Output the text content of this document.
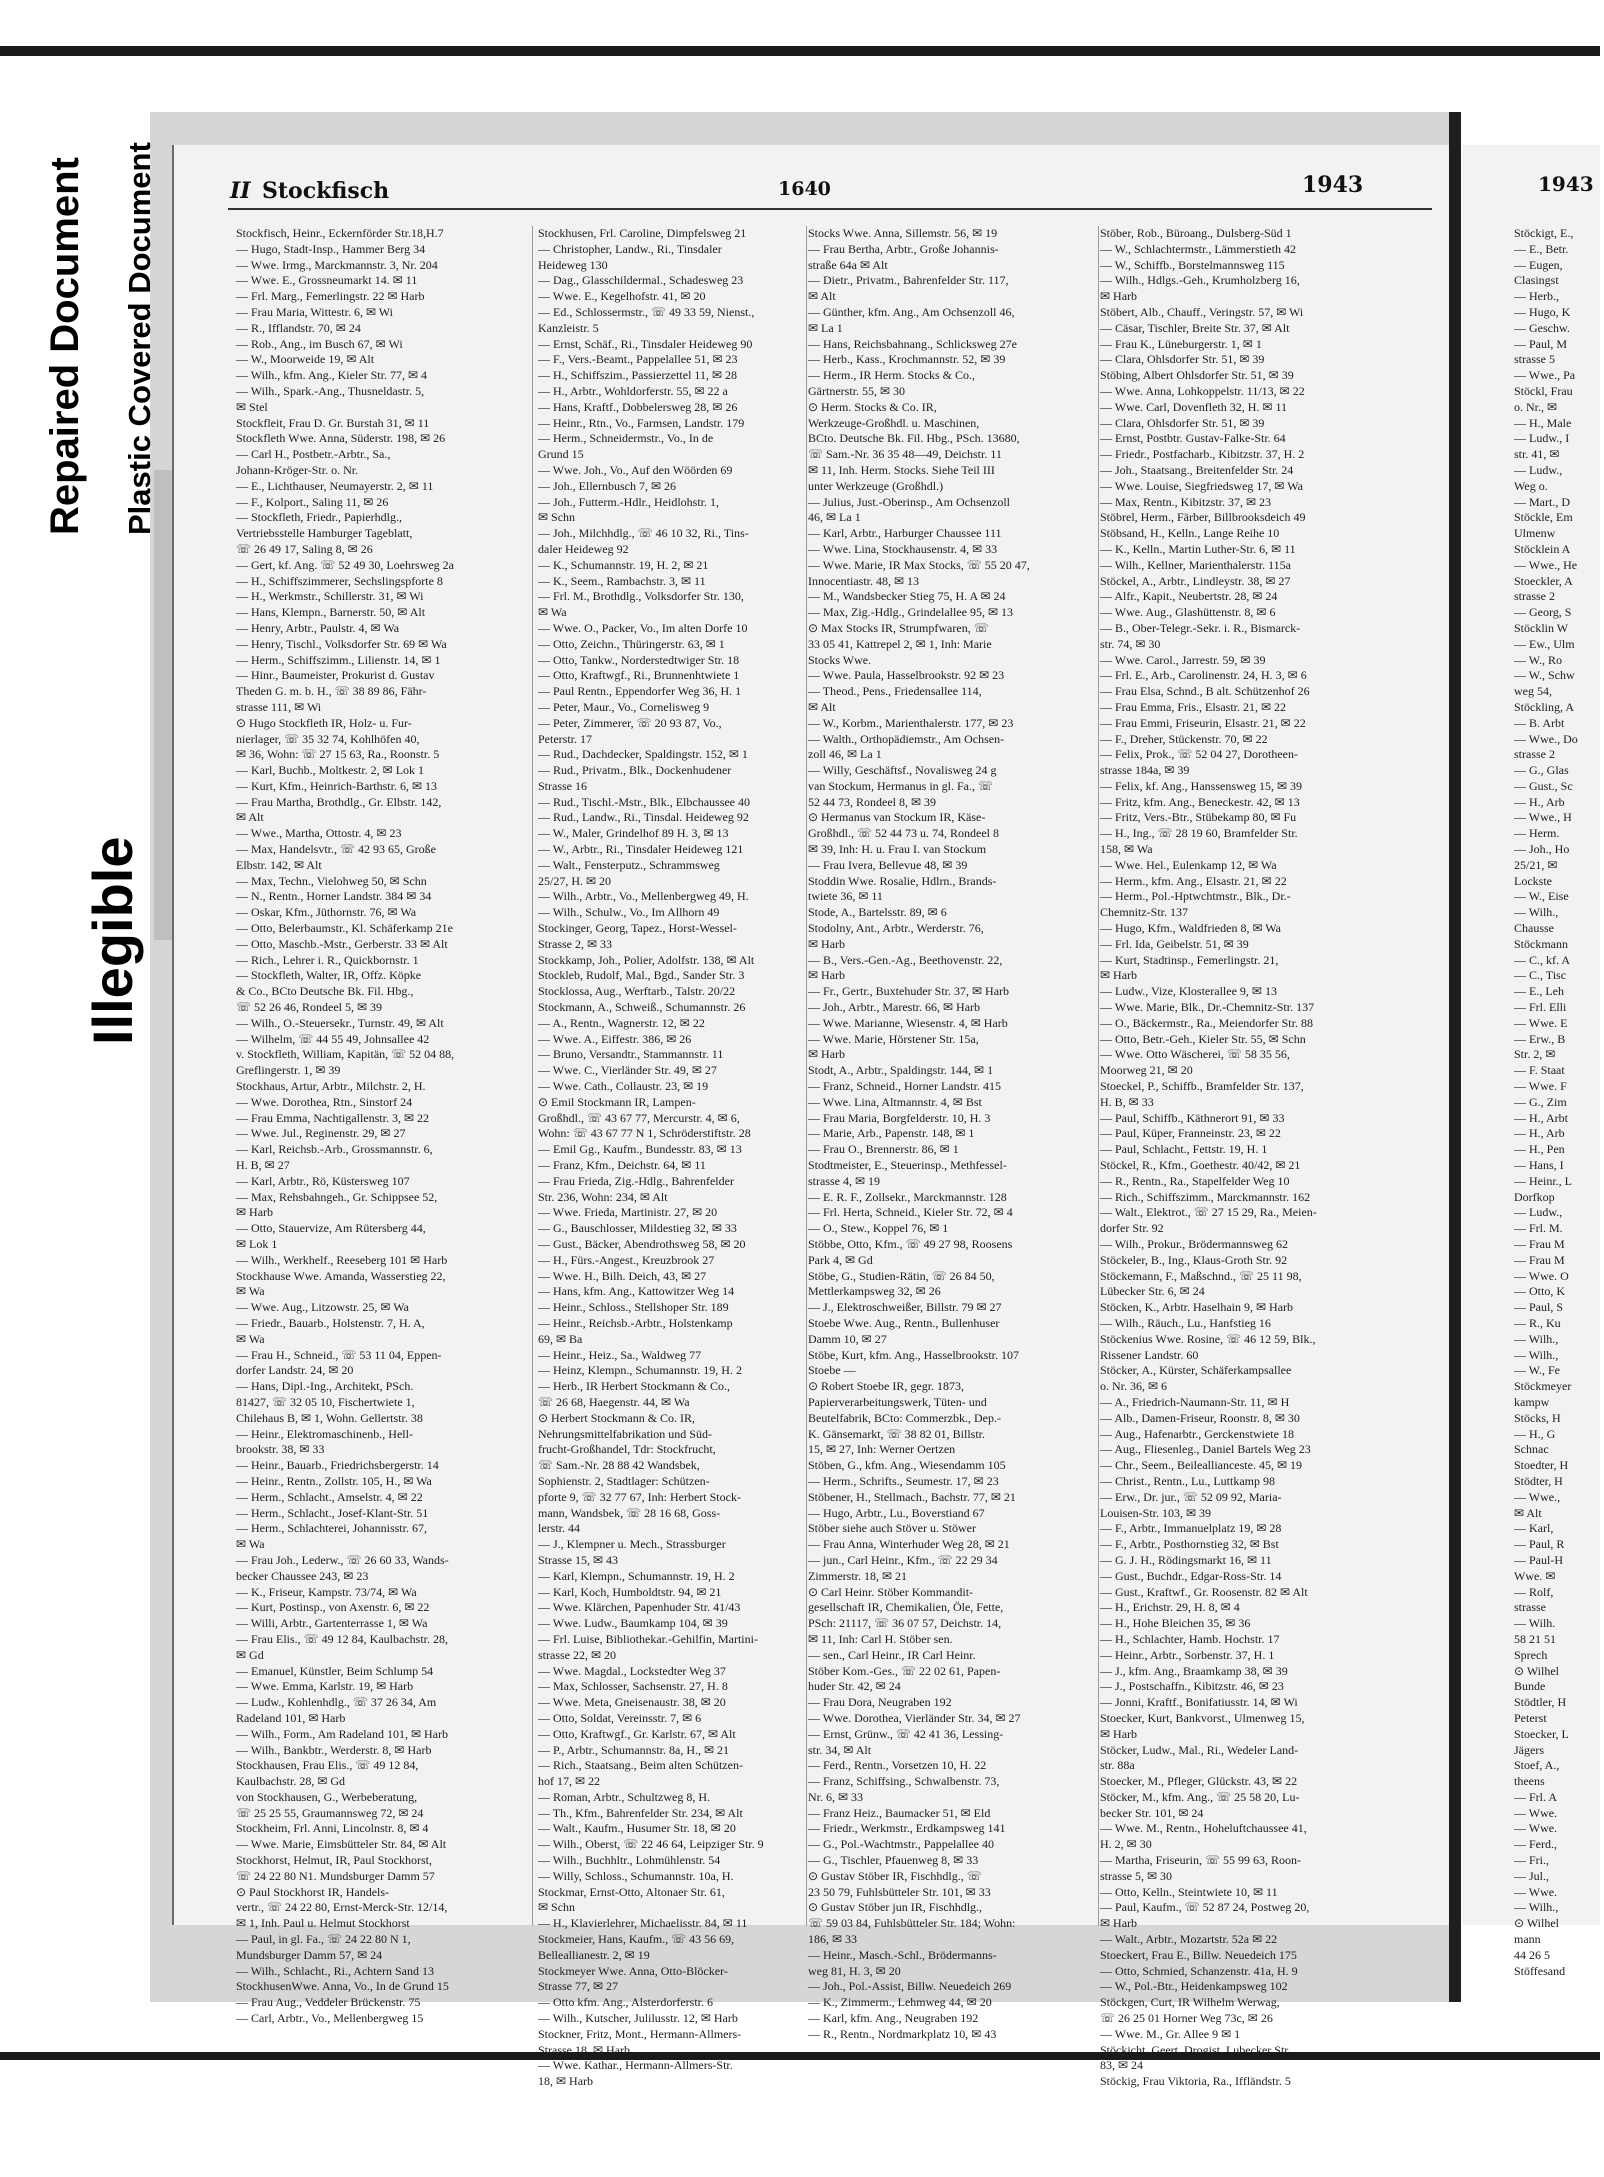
II Stockfisch	1640	1943	1943
Stockfisch, Heinr., Eckernförder Str.18,H.7
— Hugo, Stadt-Insp., Hammer Berg 34
— Wwe. Irmg., Marckmannstr. 3, Nr. 204
— Wwe. E., Grossneumarkt 14. ✉ 11
— Frl. Marg., Femerlingstr. 22 ✉ Harb
— Frau Maria, Wittestr. 6, ✉ Wi
— R., Ifflandstr. 70, ✉ 24
— Rob., Ang., im Busch 67, ✉ Wi
— W., Moorweide 19, ✉ Alt
— Wilh., kfm. Ang., Kieler Str. 77, ✉ 4
— Wilh., Spark.-Ang., Thusneldastr. 5,
✉ Stel
Stockfleit, Frau D. Gr. Burstah 31, ✉ 11
Stockfleth Wwe. Anna, Süderstr. 198, ✉ 26
— Carl H., Postbetr.-Arbtr., Sa.,
Johann-Kröger-Str. o. Nr.
— E., Lichthauser, Neumayerstr. 2, ✉ 11
— F., Kolport., Saling 11, ✉ 26
— Stockfleth, Friedr., Papierhdlg.,
Vertriebsstelle Hamburger Tageblatt,
☏ 26 49 17, Saling 8, ✉ 26
— Gert, kf. Ang. ☏ 52 49 30, Loehrsweg 2a
— H., Schiffszimmerer, Sechslingspforte 8
— H., Werkmstr., Schillerstr. 31, ✉ Wi
— Hans, Klempn., Barnerstr. 50, ✉ Alt
— Henry, Arbtr., Paulstr. 4, ✉ Wa
— Henry, Tischl., Volksdorfer Str. 69 ✉ Wa
— Herm., Schiffszimm., Lilienstr. 14, ✉ 1
— Hinr., Baumeister, Prokurist d. Gustav
Theden G. m. b. H., ☏ 38 89 86, Fähr-
strasse 111, ✉ Wi
⊙ Hugo Stockfleth IR, Holz- u. Fur-
nierlager, ☏ 35 32 74, Kohlhöfen 40,
✉ 36, Wohn: ☏ 27 15 63, Ra., Roonstr. 5
— Karl, Buchb., Moltkestr. 2, ✉ Lok 1
— Kurt, Kfm., Heinrich-Barthstr. 6, ✉ 13
— Frau Martha, Brothdlg., Gr. Elbstr. 142,
✉ Alt
— Wwe., Martha, Ottostr. 4, ✉ 23
— Max, Handelsvtr., ☏ 42 93 65, Große
Elbstr. 142, ✉ Alt
— Max, Techn., Vielohweg 50, ✉ Schn
— N., Rentn., Horner Landstr. 384 ✉ 34
— Oskar, Kfm., Jüthornstr. 76, ✉ Wa
— Otto, Belerbaumstr., Kl. Schäferkamp 21e
— Otto, Maschb.-Mstr., Gerberstr. 33 ✉ Alt
— Rich., Lehrer i. R., Quickbornstr. 1
— Stockfleth, Walter, IR, Offz. Köpke
& Co., BCto Deutsche Bk. Fil. Hbg.,
☏ 52 26 46, Rondeel 5, ✉ 39
— Wilh., O.-Steuersekr., Turnstr. 49, ✉ Alt
— Wilhelm, ☏ 44 55 49, Johnsallee 42
v. Stockfleth, William, Kapitän, ☏ 52 04 88,
Greflingerstr. 1, ✉ 39
Stockhaus, Artur, Arbtr., Milchstr. 2, H.
— Wwe. Dorothea, Rtn., Sinstorf 24
— Frau Emma, Nachtigallenstr. 3, ✉ 22
— Wwe. Jul., Reginenstr. 29, ✉ 27
— Karl, Reichsb.-Arb., Grossmannstr. 6,
H. B, ✉ 27
— Karl, Arbtr., Rö, Küstersweg 107
— Max, Rehsbahngeh., Gr. Schippsee 52,
✉ Harb
— Otto, Stauervize, Am Rütersberg 44,
✉ Lok 1
— Wilh., Werkhelf., Reeseberg 101 ✉ Harb
Stockhause Wwe. Amanda, Wasserstieg 22,
✉ Wa
— Wwe. Aug., Litzowstr. 25, ✉ Wa
— Friedr., Bauarb., Holstenstr. 7, H. A,
✉ Wa
— Frau H., Schneid., ☏ 53 11 04, Eppen-
dorfer Landstr. 24, ✉ 20
— Hans, Dipl.-Ing., Architekt, PSch.
81427, ☏ 32 05 10, Fischertwiete 1,
Chilehaus B, ✉ 1, Wohn. Gellertstr. 38
— Heinr., Elektromaschinenb., Hell-
brookstr. 38, ✉ 33
— Heinr., Bauarb., Friedrichsbergerstr. 14
— Heinr., Rentn., Zollstr. 105, H., ✉ Wa
— Herm., Schlacht., Amselstr. 4, ✉ 22
— Herm., Schlacht., Josef-Klant-Str. 51
— Herm., Schlachterei, Johannisstr. 67,
✉ Wa
— Frau Joh., Lederw., ☏ 26 60 33, Wands-
becker Chaussee 243, ✉ 23
— K., Friseur, Kampstr. 73/74, ✉ Wa
— Kurt, Postinsp., von Axenstr. 6, ✉ 22
— Willi, Arbtr., Gartenterrasse 1, ✉ Wa
— Frau Elis., ☏ 49 12 84, Kaulbachstr. 28,
✉ Gd
— Emanuel, Künstler, Beim Schlump 54
— Wwe. Emma, Karlstr. 19, ✉ Harb
— Ludw., Kohlenhdlg., ☏ 37 26 34, Am
Radeland 101, ✉ Harb
— Wilh., Form., Am Radeland 101, ✉ Harb
— Wilh., Bankbtr., Werderstr. 8, ✉ Harb
Stockhausen, Frau Elis., ☏ 49 12 84,
Kaulbachstr. 28, ✉ Gd
von Stockhausen, G., Werbeberatung,
☏ 25 25 55, Graumannsweg 72, ✉ 24
Stockheim, Frl. Anni, Lincolnstr. 8, ✉ 4
— Wwe. Marie, Eimsbütteler Str. 84, ✉ Alt
Stockhorst, Helmut, IR, Paul Stockhorst,
☏ 24 22 80 N1. Mundsburger Damm 57
⊙ Paul Stockhorst IR, Handels-
vertr., ☏ 24 22 80, Ernst-Merck-Str. 12/14,
✉ 1, Inh. Paul u. Helmut Stockhorst
— Paul, in gl. Fa., ☏ 24 22 80 N 1,
Mundsburger Damm 57, ✉ 24
— Wilh., Schlacht., Ri., Achtern Sand 13
StockhusenWwe. Anna, Vo., In de Grund 15
— Frau Aug., Veddeler Brückenstr. 75
— Carl, Arbtr., Vo., Mellenbergweg 15
Stockhusen, Frl. Caroline, Dimpfelsweg 21
— Christopher, Landw., Ri., Tinsdaler
Heideweg 130
— Dag., Glasschildermal., Schadesweg 23
— Wwe. E., Kegelhofstr. 41, ✉ 20
— Ed., Schlossermstr., ☏ 49 33 59, Nienst.,
Kanzleistr. 5
— Ernst, Schäf., Ri., Tinsdaler Heideweg 90
— F., Vers.-Beamt., Pappelallee 51, ✉ 23
— H., Schiffszim., Passierzettel 11, ✉ 28
— H., Arbtr., Wohldorferstr. 55, ✉ 22 a
— Hans, Kraftf., Dobbelersweg 28, ✉ 26
— Heinr., Rtn., Vo., Farmsen, Landstr. 179
— Herm., Schneidermstr., Vo., In de
Grund 15
— Wwe. Joh., Vo., Auf den Wöörden 69
— Joh., Ellernbusch 7, ✉ 26
— Joh., Futterm.-Hdlr., Heidlohstr. 1,
✉ Schn
— Joh., Milchhdlg., ☏ 46 10 32, Ri., Tins-
daler Heideweg 92
— K., Schumannstr. 19, H. 2, ✉ 21
— K., Seem., Rambachstr. 3, ✉ 11
— Frl. M., Brothdlg., Volksdorfer Str. 130,
✉ Wa
— Wwe. O., Packer, Vo., Im alten Dorfe 10
— Otto, Zeichn., Thüringerstr. 63, ✉ 1
— Otto, Tankw., Norderstedtwiger Str. 18
— Otto, Kraftwgf., Ri., Brunnenhtwiete 1
— Paul Rentn., Eppendorfer Weg 36, H. 1
— Peter, Maur., Vo., Cornelisweg 9
— Peter, Zimmerer, ☏ 20 93 87, Vo.,
Peterstr. 17
— Rud., Dachdecker, Spaldingstr. 152, ✉ 1
— Rud., Privatm., Blk., Dockenhudener
Strasse 16
— Rud., Tischl.-Mstr., Blk., Elbchaussee 40
— Rud., Landw., Ri., Tinsdal. Heideweg 92
— W., Maler, Grindelhof 89 H. 3, ✉ 13
— W., Arbtr., Ri., Tinsdaler Heideweg 121
— Walt., Fensterputz., Schrammsweg
25/27, H. ✉ 20
— Wilh., Arbtr., Vo., Mellenbergweg 49, H.
— Wilh., Schulw., Vo., Im Allhorn 49
Stockinger, Georg, Tapez., Horst-Wessel-
Strasse 2, ✉ 33
Stockkamp, Joh., Polier, Adolfstr. 138, ✉ Alt
Stockleb, Rudolf, Mal., Bgd., Sander Str. 3
Stocklossa, Aug., Werftarb., Talstr. 20/22
Stockmann, A., Schweiß., Schumannstr. 26
— A., Rentn., Wagnerstr. 12, ✉ 22
— Wwe. A., Eiffestr. 386, ✉ 26
— Bruno, Versandtr., Stammannstr. 11
— Wwe. C., Vierländer Str. 49, ✉ 27
— Wwe. Cath., Collaustr. 23, ✉ 19
⊙ Emil Stockmann IR, Lampen-
Großhdl., ☏ 43 67 77, Mercurstr. 4, ✉ 6,
Wohn: ☏ 43 67 77 N 1, Schröderstiftstr. 28
— Emil Gg., Kaufm., Bundesstr. 83, ✉ 13
— Franz, Kfm., Deichstr. 64, ✉ 11
— Frau Frieda, Zig.-Hdlg., Bahrenfelder
Str. 236, Wohn: 234, ✉ Alt
— Wwe. Frieda, Martinistr. 27, ✉ 20
— G., Bauschlosser, Mildestieg 32, ✉ 33
— Gust., Bäcker, Abendrothsweg 58, ✉ 20
— H., Fürs.-Angest., Kreuzbrook 27
— Wwe. H., Bilh. Deich, 43, ✉ 27
— Hans, kfm. Ang., Kattowitzer Weg 14
— Heinr., Schloss., Stellshoper Str. 189
— Heinr., Reichsb.-Arbtr., Holstenkamp
69, ✉ Ba
— Heinr., Heiz., Sa., Waldweg 77
— Heinz, Klempn., Schumannstr. 19, H. 2
— Herb., IR Herbert Stockmann & Co.,
☏ 26 68, Haegenstr. 44, ✉ Wa
⊙ Herbert Stockmann & Co. IR,
Nehrungsmittelfabrikation und Süd-
frucht-Großhandel, Tdr: Stockfrucht,
☏ Sam.-Nr. 28 88 42 Wandsbek,
Sophienstr. 2, Stadtlager: Schützen-
pforte 9, ☏ 32 77 67, Inh: Herbert Stock-
mann, Wandsbek, ☏ 28 16 68, Goss-
lerstr. 44
— J., Klempner u. Mech., Strassburger
Strasse 15, ✉ 43
— Karl, Klempn., Schumannstr. 19, H. 2
— Karl, Koch, Humboldtstr. 94, ✉ 21
— Wwe. Klärchen, Papenhuder Str. 41/43
— Wwe. Ludw., Baumkamp 104, ✉ 39
— Frl. Luise, Bibliothekar.-Gehilfin, Martini-
strasse 22, ✉ 20
— Wwe. Magdal., Lockstedter Weg 37
— Max, Schlosser, Sachsenstr. 27, H. 8
— Wwe. Meta, Gneisenaustr. 38, ✉ 20
— Otto, Soldat, Vereinsstr. 7, ✉ 6
— Otto, Kraftwgf., Gr. Karlstr. 67, ✉ Alt
— P., Arbtr., Schumannstr. 8a, H., ✉ 21
— Rich., Staatsang., Beim alten Schützen-
hof 17, ✉ 22
— Roman, Arbtr., Schultzweg 8, H.
— Th., Kfm., Bahrenfelder Str. 234, ✉ Alt
— Walt., Kaufm., Husumer Str. 18, ✉ 20
— Wilh., Oberst, ☏ 22 46 64, Leipziger Str. 9
— Wilh., Buchhltr., Lohmühlenstr. 54
— Willy, Schloss., Schumannstr. 10a, H.
Stockmar, Ernst-Otto, Altonaer Str. 61,
✉ Schn
— H., Klavierlehrer, Michaelisstr. 84, ✉ 11
Stockmeier, Hans, Kaufm., ☏ 43 56 69,
Belleallianestr. 2, ✉ 19
Stockmeyer Wwe. Anna, Otto-Blöcker-
Strasse 77, ✉ 27
— Otto kfm. Ang., Alsterdorferstr. 6
— Wilh., Kutscher, Julilusstr. 12, ✉ Harb
Stockner, Fritz, Mont., Hermann-Allmers-
Strasse 18, ✉ Harb
— Wwe. Kathar., Hermann-Allmers-Str.
18, ✉ Harb
Stocks Wwe. Anna, Sillemstr. 56, ✉ 19
— Frau Bertha, Arbtr., Große Johannis-
straße 64a ✉ Alt
— Dietr., Privatm., Bahrenfelder Str. 117,
✉ Alt
— Günther, kfm. Ang., Am Ochsenzoll 46,
✉ La 1
— Hans, Reichsbahnang., Schlicksweg 27e
— Herb., Kass., Krochmannstr. 52, ✉ 39
— Herm., IR Herm. Stocks & Co.,
Gärtnerstr. 55, ✉ 30
⊙ Herm. Stocks & Co. IR,
Werkzeuge-Großhdl. u. Maschinen,
BCto. Deutsche Bk. Fil. Hbg., PSch. 13680,
☏ Sam.-Nr. 36 35 48—49, Deichstr. 11
✉ 11, Inh. Herm. Stocks. Siehe Teil III
unter Werkzeuge (Großhdl.)
— Julius, Just.-Oberinsp., Am Ochsenzoll
46, ✉ La 1
— Karl, Arbtr., Harburger Chaussee 111
— Wwe. Lina, Stockhausenstr. 4, ✉ 33
— Wwe. Marie, IR Max Stocks, ☏ 55 20 47,
Innocentiastr. 48, ✉ 13
— M., Wandsbecker Stieg 75, H. A ✉ 24
— Max, Zig.-Hdlg., Grindelallee 95, ✉ 13
⊙ Max Stocks IR, Strumpfwaren, ☏
33 05 41, Kattrepel 2, ✉ 1, Inh: Marie
Stocks Wwe.
— Wwe. Paula, Hasselbrookstr. 92 ✉ 23
— Theod., Pens., Friedensallee 114,
✉ Alt
— W., Korbm., Marienthalerstr. 177, ✉ 23
— Walth., Orthopädiemstr., Am Ochsen-
zoll 46, ✉ La 1
— Willy, Geschäftsf., Novalisweg 24 g
van Stockum, Hermanus in gl. Fa., ☏
52 44 73, Rondeel 8, ✉ 39
⊙ Hermanus van Stockum IR, Käse-
Großhdl., ☏ 52 44 73 u. 74, Rondeel 8
✉ 39, Inh: H. u. Frau I. van Stockum
— Frau Ivera, Bellevue 48, ✉ 39
Stoddin Wwe. Rosalie, Hdlrn., Brands-
twiete 36, ✉ 11
Stode, A., Bartelsstr. 89, ✉ 6
Stodolny, Ant., Arbtr., Werderstr. 76,
✉ Harb
— B., Vers.-Gen.-Ag., Beethovenstr. 22,
✉ Harb
— Fr., Gertr., Buxtehuder Str. 37, ✉ Harb
— Joh., Arbtr., Marestr. 66, ✉ Harb
— Wwe. Marianne, Wiesenstr. 4, ✉ Harb
— Wwe. Marie, Hörstener Str. 15a,
✉ Harb
Stodt, A., Arbtr., Spaldingstr. 144, ✉ 1
— Franz, Schneid., Horner Landstr. 415
— Wwe. Lina, Altmannstr. 4, ✉ Bst
— Frau Maria, Borgfelderstr. 10, H. 3
— Marie, Arb., Papenstr. 148, ✉ 1
— Frau O., Brennerstr. 86, ✉ 1
Stodtmeister, E., Steuerinsp., Methfessel-
strasse 4, ✉ 19
— E. R. F., Zollsekr., Marckmannstr. 128
— Frl. Herta, Schneid., Kieler Str. 72, ✉ 4
— O., Stew., Koppel 76, ✉ 1
Stöbbe, Otto, Kfm., ☏ 49 27 98, Roosens
Park 4, ✉ Gd
Stöbe, G., Studien-Rätin, ☏ 26 84 50,
Mettlerkampsweg 32, ✉ 26
— J., Elektroschweißer, Billstr. 79 ✉ 27
Stoebe Wwe. Aug., Rentn., Bullenhuser
Damm 10, ✉ 27
Stöbe, Kurt, kfm. Ang., Hasselbrookstr. 107
Stoebe —
⊙ Robert Stoebe IR, gegr. 1873,
Papierverarbeitungswerk, Tüten- und
Beutelfabrik, BCto: Commerzbk., Dep.-
K. Gänsemarkt, ☏ 38 82 01, Billstr.
15, ✉ 27, Inh: Werner Oertzen
Stöben, G., kfm. Ang., Wiesendamm 105
— Herm., Schrifts., Seumestr. 17, ✉ 23
Stöbener, H., Stellmach., Bachstr. 77, ✉ 21
— Hugo, Arbtr., Lu., Boverstiand 67
Stöber siehe auch Stöver u. Stöwer
— Frau Anna, Winterhuder Weg 28, ✉ 21
— jun., Carl Heinr., Kfm., ☏ 22 29 34
Zimmerstr. 18, ✉ 21
⊙ Carl Heinr. Stöber Kommandit-
gesellschaft IR, Chemikalien, Öle, Fette,
PSch: 21117, ☏ 36 07 57, Deichstr. 14,
✉ 11, Inh: Carl H. Stöber sen.
— sen., Carl Heinr., IR Carl Heinr.
Stöber Kom.-Ges., ☏ 22 02 61, Papen-
huder Str. 42, ✉ 24
— Frau Dora, Neugraben 192
— Wwe. Dorothea, Vierländer Str. 34, ✉ 27
— Ernst, Grünw., ☏ 42 41 36, Lessing-
str. 34, ✉ Alt
— Ferd., Rentn., Vorsetzen 10, H. 22
— Franz, Schiffsing., Schwalbenstr. 73,
Nr. 6, ✉ 33
— Franz Heiz., Baumacker 51, ✉ Eld
— Friedr., Werkmstr., Erdkampsweg 141
— G., Pol.-Wachtmstr., Pappelallee 40
— G., Tischler, Pfauenweg 8, ✉ 33
⊙ Gustav Stöber IR, Fischhdlg., ☏
23 50 79, Fuhlsbütteler Str. 101, ✉ 33
⊙ Gustav Stöber jun IR, Fischhdlg.,
☏ 59 03 84, Fuhlsbütteler Str. 184; Wohn:
186, ✉ 33
— Heinr., Masch.-Schl., Brödermanns-
weg 81, H. 3, ✉ 20
— Joh., Pol.-Assist, Billw. Neuedeich 269
— K., Zimmerm., Lehmweg 44, ✉ 20
— Karl, kfm. Ang., Neugraben 192
— R., Rentn., Nordmarkplatz 10, ✉ 43
Stöber, Rob., Büroang., Dulsberg-Süd 1
— W., Schlachtermstr., Lämmerstieth 42
— W., Schiffb., Borstelmannsweg 115
— Wilh., Hdlgs.-Geh., Krumholzberg 16,
✉ Harb
Stöbert, Alb., Chauff., Veringstr. 57, ✉ Wi
— Cäsar, Tischler, Breite Str. 37, ✉ Alt
— Frau K., Lüneburgerstr. 1, ✉ 1
— Clara, Ohlsdorfer Str. 51, ✉ 39
Stöbing, Albert Ohlsdorfer Str. 51, ✉ 39
— Wwe. Anna, Lohkoppelstr. 11/13, ✉ 22
— Wwe. Carl, Dovenfleth 32, H. ✉ 11
— Clara, Ohlsdorfer Str. 51, ✉ 39
— Ernst, Postbtr. Gustav-Falke-Str. 64
— Friedr., Postfacharb., Kibitzstr. 37, H. 2
— Joh., Staatsang., Breitenfelder Str. 24
— Wwe. Louise, Siegfriedsweg 17, ✉ Wa
— Max, Rentn., Kibitzstr. 37, ✉ 23
Stöbrel, Herm., Färber, Billbrooksdeich 49
Stöbsand, H., Kelln., Lange Reihe 10
— K., Kelln., Martin Luther-Str. 6, ✉ 11
— Wilh., Kellner, Marienthalerstr. 115a
Stöckel, A., Arbtr., Lindleystr. 38, ✉ 27
— Alfr., Kapit., Neubertstr. 28, ✉ 24
— Wwe. Aug., Glashüttenstr. 8, ✉ 6
— B., Ober-Telegr.-Sekr. i. R., Bismarck-
str. 74, ✉ 30
— Wwe. Carol., Jarrestr. 59, ✉ 39
— Frl. E., Arb., Carolinenstr. 24, H. 3, ✉ 6
— Frau Elsa, Schnd., B alt. Schützenhof 26
— Frau Emma, Fris., Elsastr. 21, ✉ 22
— Frau Emmi, Friseurin, Elsastr. 21, ✉ 22
— F., Dreher, Stückenstr. 70, ✉ 22
— Felix, Prok., ☏ 52 04 27, Dorotheen-
strasse 184a, ✉ 39
— Felix, kf. Ang., Hanssensweg 15, ✉ 39
— Fritz, kfm. Ang., Beneckestr. 42, ✉ 13
— Fritz, Vers.-Btr., Stübekamp 80, ✉ Fu
— H., Ing., ☏ 28 19 60, Bramfelder Str.
158, ✉ Wa
— Wwe. Hel., Eulenkamp 12, ✉ Wa
— Herm., kfm. Ang., Elsastr. 21, ✉ 22
— Herm., Pol.-Hptwchtmstr., Blk., Dr.-
Chemnitz-Str. 137
— Hugo, Kfm., Waldfrieden 8, ✉ Wa
— Frl. Ida, Geibelstr. 51, ✉ 39
— Kurt, Stadtinsp., Femerlingstr. 21,
✉ Harb
— Ludw., Vize, Klosterallee 9, ✉ 13
— Wwe. Marie, Blk., Dr.-Chemnitz-Str. 137
— O., Bäckermstr., Ra., Meiendorfer Str. 88
— Otto, Betr.-Geh., Kieler Str. 55, ✉ Schn
— Wwe. Otto Wäscherei, ☏ 58 35 56,
Moorweg 21, ✉ 20
Stoeckel, P., Schiffb., Bramfelder Str. 137,
H. B, ✉ 33
— Paul, Schiffb., Käthnerort 91, ✉ 33
— Paul, Küper, Franneinstr. 23, ✉ 22
— Paul, Schlacht., Fettstr. 19, H. 1
Stöckel, R., Kfm., Goethestr. 40/42, ✉ 21
— R., Rentn., Ra., Stapelfelder Weg 10
— Rich., Schiffszimm., Marckmannstr. 162
— Walt., Elektrot., ☏ 27 15 29, Ra., Meien-
dorfer Str. 92
— Wilh., Prokur., Brödermannsweg 62
Stöckeler, B., Ing., Klaus-Groth Str. 92
Stöckemann, F., Maßschnd., ☏ 25 11 98,
Lübecker Str. 6, ✉ 24
Stöcken, K., Arbtr. Haselhain 9, ✉ Harb
— Wilh., Räuch., Lu., Hanfstieg 16
Stöckenius Wwe. Rosine, ☏ 46 12 59, Blk.,
Rissener Landstr. 60
Stöcker, A., Kürster, Schäferkampsallee
o. Nr. 36, ✉ 6
— A., Friedrich-Naumann-Str. 11, ✉ H
— Alb., Damen-Friseur, Roonstr. 8, ✉ 30
— Aug., Hafenarbtr., Gerckenstwiete 18
— Aug., Fliesenleg., Daniel Bartels Weg 23
— Chr., Seem., Beileallianceste. 45, ✉ 19
— Christ., Rentn., Lu., Luttkamp 98
— Erw., Dr. jur., ☏ 52 09 92, Maria-
Louisen-Str. 103, ✉ 39
— F., Arbtr., Immanuelplatz 19, ✉ 28
— F., Arbtr., Posthornstieg 32, ✉ Bst
— G. J. H., Rödingsmarkt 16, ✉ 11
— Gust., Buchdr., Edgar-Ross-Str. 14
— Gust., Kraftwf., Gr. Roosenstr. 82 ✉ Alt
— H., Erichstr. 29, H. 8, ✉ 4
— H., Hohe Bleichen 35, ✉ 36
— H., Schlachter, Hamb. Hochstr. 17
— Heinr., Arbtr., Sorbenstr. 37, H. 1
— J., kfm. Ang., Braamkamp 38, ✉ 39
— J., Postschaffn., Kibitzstr. 46, ✉ 23
— Jonni, Kraftf., Bonifatiusstr. 14, ✉ Wi
Stoecker, Kurt, Bankvorst., Ulmenweg 15,
✉ Harb
Stöcker, Ludw., Mal., Ri., Wedeler Land-
str. 88a
Stoecker, M., Pfleger, Glückstr. 43, ✉ 22
Stöcker, M., kfm. Ang., ☏ 25 58 20, Lu-
becker Str. 101, ✉ 24
— Wwe. M., Rentn., Hoheluftchaussee 41,
H. 2, ✉ 30
— Martha, Friseurin, ☏ 55 99 63, Roon-
strasse 5, ✉ 30
— Otto, Kelln., Steintwiete 10, ✉ 11
— Paul, Kaufm., ☏ 52 87 24, Postweg 20,
✉ Harb
— Walt., Arbtr., Mozartstr. 52a ✉ 22
Stoeckert, Frau E., Billw. Neuedeich 175
— Otto, Schmied, Schanzenstr. 41a, H. 9
— W., Pol.-Btr., Heidenkampsweg 102
Stöckgen, Curt, IR Wilhelm Werwag,
☏ 26 25 01 Horner Weg 73c, ✉ 26
— Wwe. M., Gr. Allee 9 ✉ 1
Stöckicht, Geert, Drogist, Lubecker Str.
83, ✉ 24
Stöckig, Frau Viktoria, Ra., Iffländstr. 5
Stöckigt, E.,
— E., Betr.
— Eugen,
Clasingst
— Herb.,
— Hugo, K
— Geschw.
— Paul, M
strasse 5
— Wwe., Pa
Stöckl, Frau
o. Nr., ✉
— H., Male
— Ludw., I
str. 41, ✉
— Ludw.,
Weg o.
— Mart., D
Stöckle, Em
Ulmenw
Stöcklein A
— Wwe., He
Stoeckler, A
strasse 2
— Georg, S
Stöcklin W
— Ew., Ulm
— W., Ro
— W., Schw
weg 54,
Stöckling, A
— B. Arbt
— Wwe., Do
strasse 2
— G., Glas
— Gust., Sc
— H., Arb
— Wwe., H
— Herm.
— Joh., Ho
25/21, ✉
Lockste
— W., Eise
— Wilh.,
Chausse
Stöckmann
— C., kf. A
— C., Tisc
— E., Leh
— Frl. Elli
— Wwe. E
— Erw., B
Str. 2, ✉
— F. Staat
— Wwe. F
— G., Zim
— H., Arbt
— H., Arb
— H., Pen
— Hans, I
— Heinr., L
Dorfkop
— Ludw.,
— Frl. M.
— Frau M
— Frau M
— Wwe. O
— Otto, K
— Paul, S
— R., Ku
— Wilh.,
— Wilh.,
— W., Fe
Stöckmeyer
kampw
Stöcks, H
— H., G
Schnac
Stoedter, H
Stödter, H
— Wwe.,
✉ Alt
— Karl,
— Paul, R
— Paul-H
Wwe. ✉
— Rolf,
strasse
— Wilh.
58 21 51
Sprech
⊙ Wilhel
Bunde
Stödtler, H
Peterst
Stoecker, L
Jägers
Stoef, A.,
theens
— Frl. A
— Wwe.
— Wwe.
— Ferd.,
— Fri.,
— Jul.,
— Wwe.
— Wilh.,
⊙ Wilhel
mann
44 26 5
Stöffesand
Repaired Document Plastic Covered Document
Illegible
